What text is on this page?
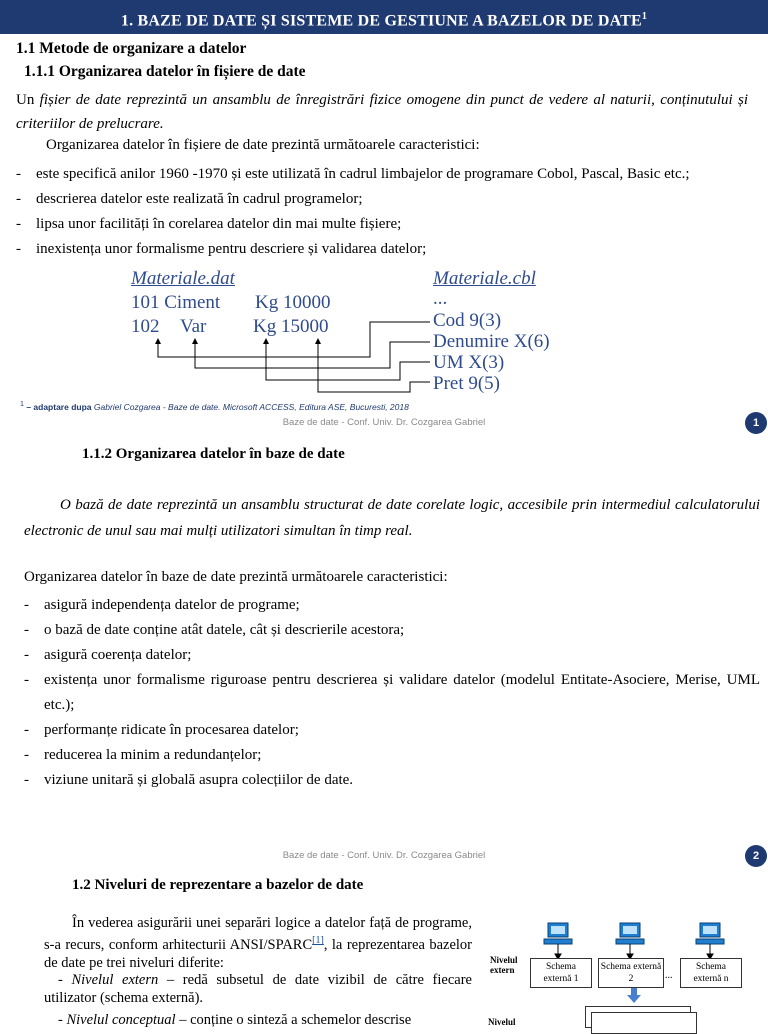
1. BAZE DE DATE ȘI SISTEME DE GESTIUNE A BAZELOR DE DATE$^1$
1.1 Metode de organizare a datelor
1.1.1 Organizarea datelor în fișiere de date
Un fișier de date reprezintă un ansamblu de înregistrări fizice omogene din punct de vedere al naturii, conținutului și criteriilor de prelucrare.
Organizarea datelor în fișiere de date prezintă următoarele caracteristici:
- este specifică anilor 1960 -1970 și este utilizată în cadrul limbajelor de programare Cobol, Pascal, Basic etc.;
- descrierea datelor este realizată în cadrul programelor;
- lipsa unor facilități în corelarea datelor din mai multe fișiere;
- inexistența unor formalisme pentru descriere și validarea datelor;
Materiale.dat
101 Ciment Kg 10000
102 Var Kg 15000
Materiale.cbl
...
Cod 9(3)
Denumire X(6)
UM X(3)
Pret 9(5)
$^1$ – adaptare dupa Gabriel Cozgarea - Baze de date. Microsoft ACCESS, Editura ASE, Bucuresti, 2018
Baze de date - Conf. Univ. Dr. Cozgarea Gabriel	1
1.1.2 Organizarea datelor în baze de date
O bază de date reprezintă un ansamblu structurat de date corelate logic, accesibile prin intermediul calculatorului electronic de unul sau mai mulți utilizatori simultan în timp real.
Organizarea datelor în baze de date prezintă următoarele caracteristici:
- asigură independența datelor de programe;
- o bază de date conține atât datele, cât și descrierile acestora;
- asigură coerența datelor;
- existența unor formalisme riguroase pentru descrierea și validare datelor (modelul Entitate-Asociere, Merise, UML etc.);
- performanțe ridicate în procesarea datelor;
- reducerea la minim a redundanțelor;
- viziune unitară și globală asupra colecțiilor de date.
Baze de date - Conf. Univ. Dr. Cozgarea Gabriel	2
1.2 Niveluri de reprezentare a bazelor de date
În vederea asigurării unei separări logice a datelor față de programe, s-a recurs, conform arhitecturii ANSI/SPARC[1], la reprezentarea bazelor de date pe trei niveluri diferite:
- Nivelul extern – redă subsetul de date vizibil de către fiecare utilizator (schema externă).
- Nivelul conceptual – conține o sinteză a schemelor descrise
Nivelul extern	Schema externă 1
Schema externă 2	...
Schema externă n
Nivelul
